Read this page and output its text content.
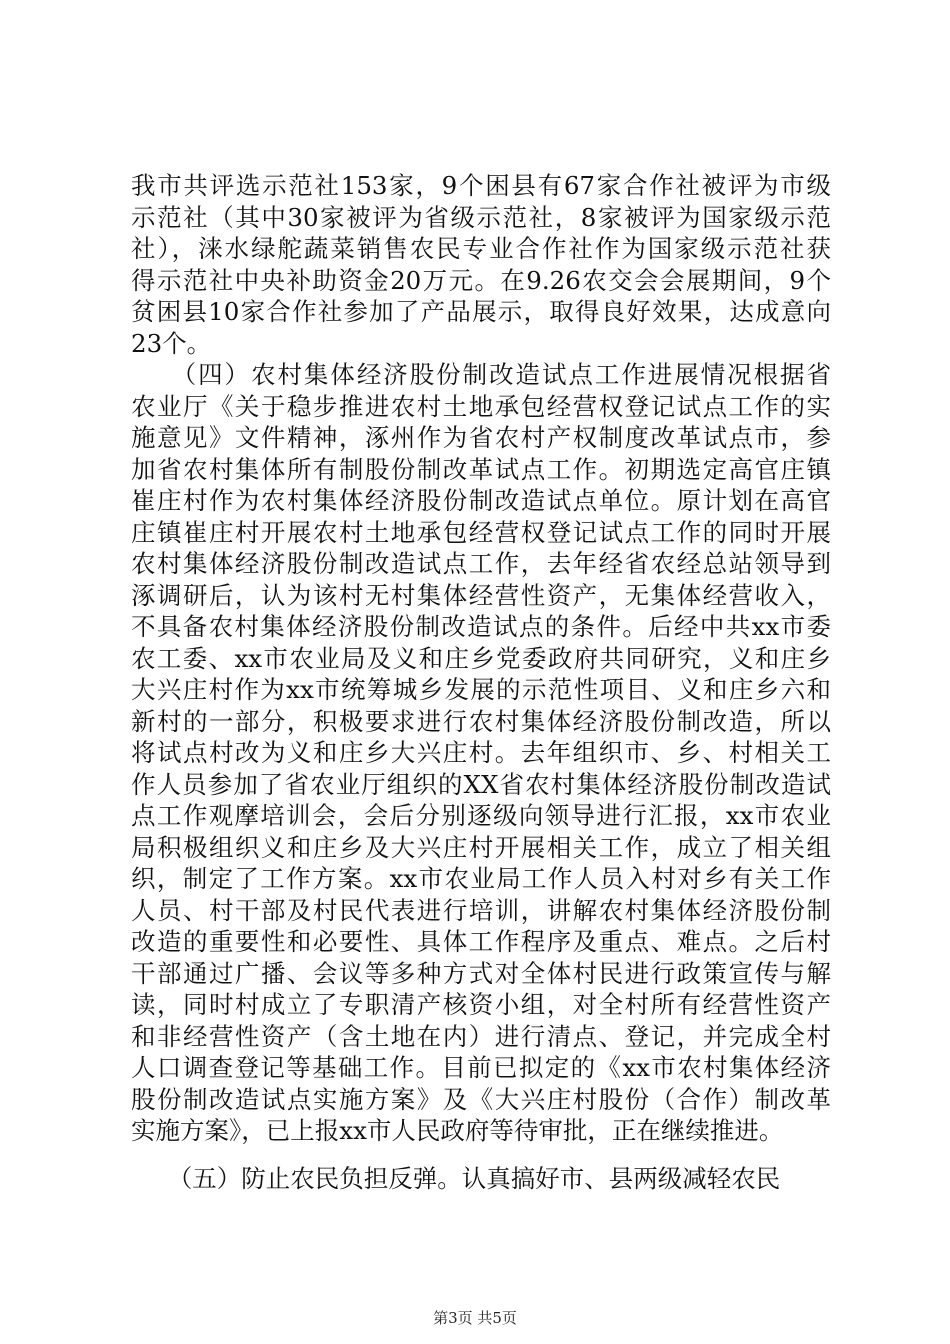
我市共评选示范社153家，9个困县有67家合作社被评为市级
示范社（其中30家被评为省级示范社，8家被评为国家级示范
社），涞水绿舵蔬菜销售农民专业合作社作为国家级示范社获
得示范社中央补助资金20万元。在9.26农交会会展期间，9个
贫困县10家合作社参加了产品展示，取得良好效果，达成意向
23个。
　　（四）农村集体经济股份制改造试点工作进展情况根据省
农业厅《关于稳步推进农村土地承包经营权登记试点工作的实
施意见》文件精神，涿州作为省农村产权制度改革试点市，参
加省农村集体所有制股份制改革试点工作。初期选定高官庄镇
崔庄村作为农村集体经济股份制改造试点单位。原计划在高官
庄镇崔庄村开展农村土地承包经营权登记试点工作的同时开展
农村集体经济股份制改造试点工作，去年经省农经总站领导到
涿调研后，认为该村无村集体经营性资产，无集体经营收入，
不具备农村集体经济股份制改造试点的条件。后经中共xx市委
农工委、xx市农业局及义和庄乡党委政府共同研究，义和庄乡
大兴庄村作为xx市统筹城乡发展的示范性项目、义和庄乡六和
新村的一部分，积极要求进行农村集体经济股份制改造，所以
将试点村改为义和庄乡大兴庄村。去年组织市、乡、村相关工
作人员参加了省农业厅组织的XX省农村集体经济股份制改造试
点工作观摩培训会，会后分别逐级向领导进行汇报，xx市农业
局积极组织义和庄乡及大兴庄村开展相关工作，成立了相关组
织，制定了工作方案。xx市农业局工作人员入村对乡有关工作
人员、村干部及村民代表进行培训，讲解农村集体经济股份制
改造的重要性和必要性、具体工作程序及重点、难点。之后村
干部通过广播、会议等多种方式对全体村民进行政策宣传与解
读，同时村成立了专职清产核资小组，对全村所有经营性资产
和非经营性资产（含土地在内）进行清点、登记，并完成全村
人口调查登记等基础工作。目前已拟定的《xx市农村集体经济
股份制改造试点实施方案》及《大兴庄村股份（合作）制改革
实施方案》，已上报xx市人民政府等待审批，正在继续推进。
　　（五）防止农民负担反弹。认真搞好市、县两级减轻农民
第3页 共5页
